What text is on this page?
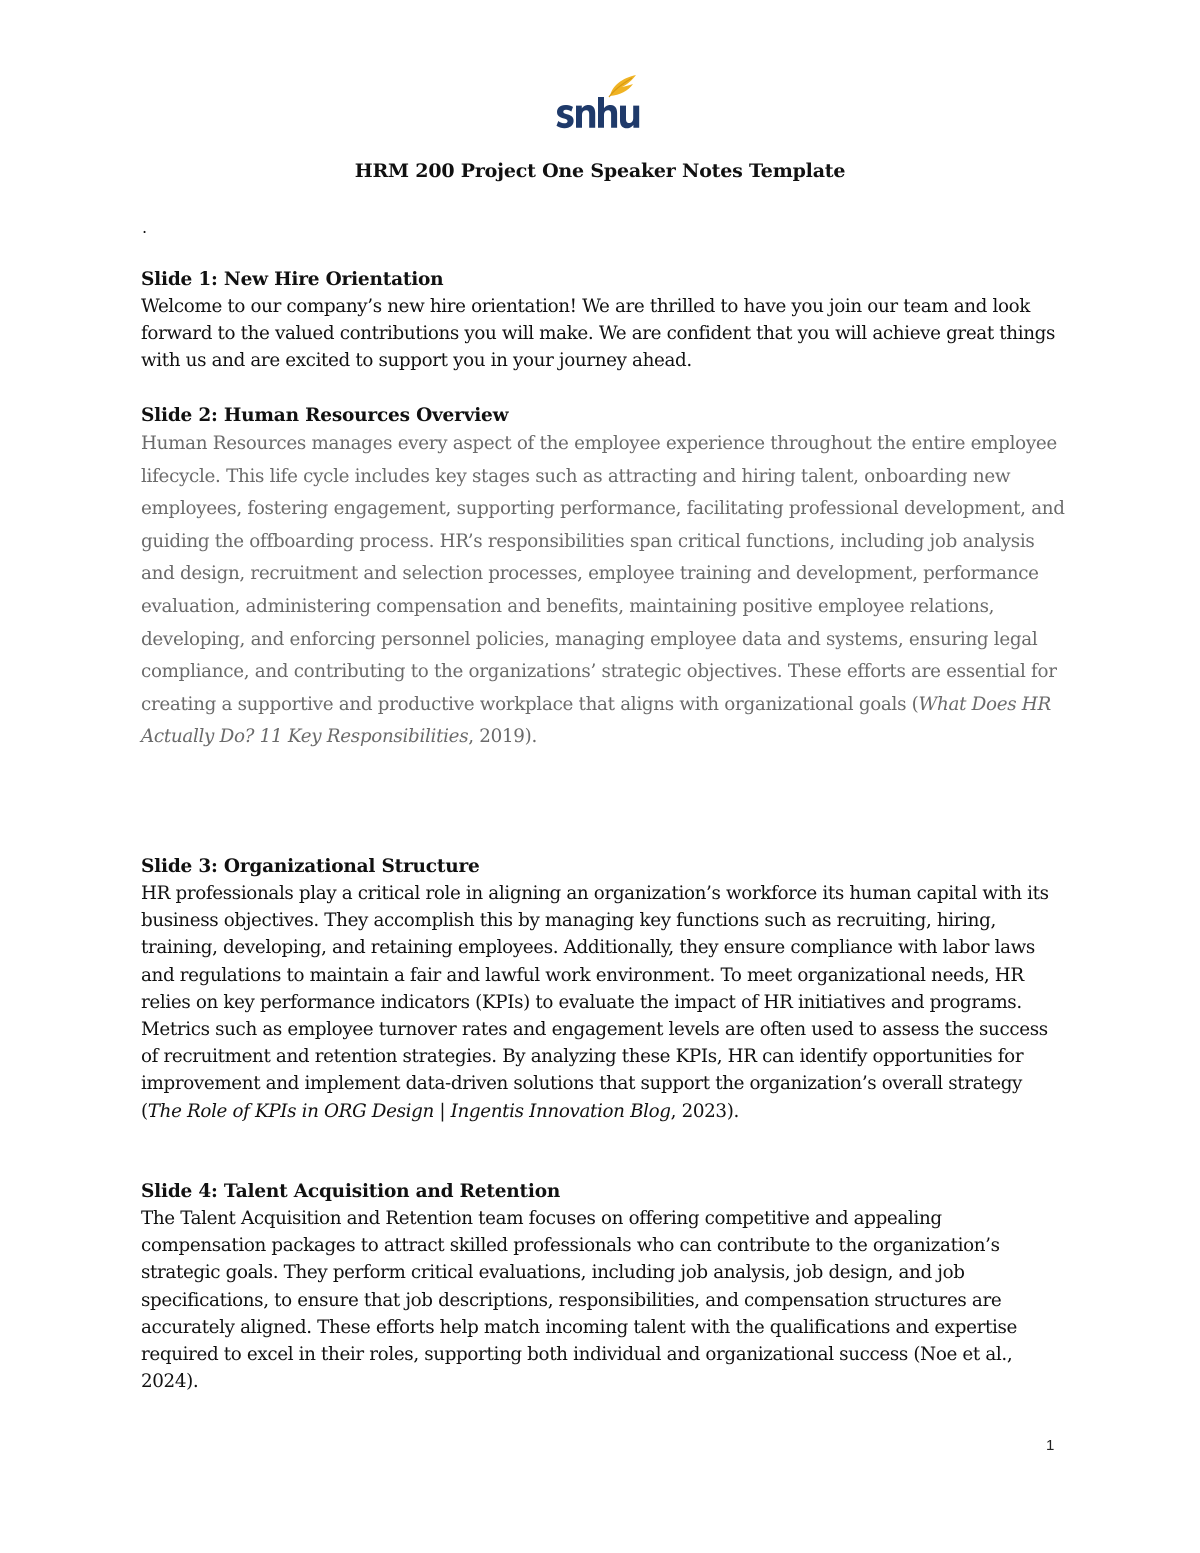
HRM 200 Project One Speaker Notes Template
.
Slide 1: New Hire Orientation

Welcome to our company’s new hire orientation! We are thrilled to have you join our team and look forward to the valued contributions you will make. We are confident that you will achieve great things with us and are excited to support you in your journey ahead.

Slide 2: Human Resources Overview

Human Resources manages every aspect of the employee experience throughout the entire employee lifecycle. This life cycle includes key stages such as attracting and hiring talent, onboarding new employees, fostering engagement, supporting performance, facilitating professional development, and guiding the offboarding process. HR’s responsibilities span critical functions, including job analysis and design, recruitment and selection processes, employee training and development, performance evaluation, administering compensation and benefits, maintaining positive employee relations, developing, and enforcing personnel policies, managing employee data and systems, ensuring legal compliance, and contributing to the organizations’ strategic objectives. These efforts are essential for creating a supportive and productive workplace that aligns with organizational goals (What Does HR Actually Do? 11 Key Responsibilities, 2019).

Slide 3: Organizational Structure

HR professionals play a critical role in aligning an organization’s workforce its human capital with its business objectives. They accomplish this by managing key functions such as recruiting, hiring, training, developing, and retaining employees. Additionally, they ensure compliance with labor laws and regulations to maintain a fair and lawful work environment. To meet organizational needs, HR relies on key performance indicators (KPIs) to evaluate the impact of HR initiatives and programs. Metrics such as employee turnover rates and engagement levels are often used to assess the success of recruitment and retention strategies. By analyzing these KPIs, HR can identify opportunities for improvement and implement data-driven solutions that support the organization’s overall strategy (The Role of KPIs in ORG Design | Ingentis Innovation Blog, 2023).

Slide 4: Talent Acquisition and Retention

The Talent Acquisition and Retention team focuses on offering competitive and appealing compensation packages to attract skilled professionals who can contribute to the organization’s strategic goals. They perform critical evaluations, including job analysis, job design, and job specifications, to ensure that job descriptions, responsibilities, and compensation structures are accurately aligned. These efforts help match incoming talent with the qualifications and expertise required to excel in their roles, supporting both individual and organizational success (Noe et al., 2024).

1
